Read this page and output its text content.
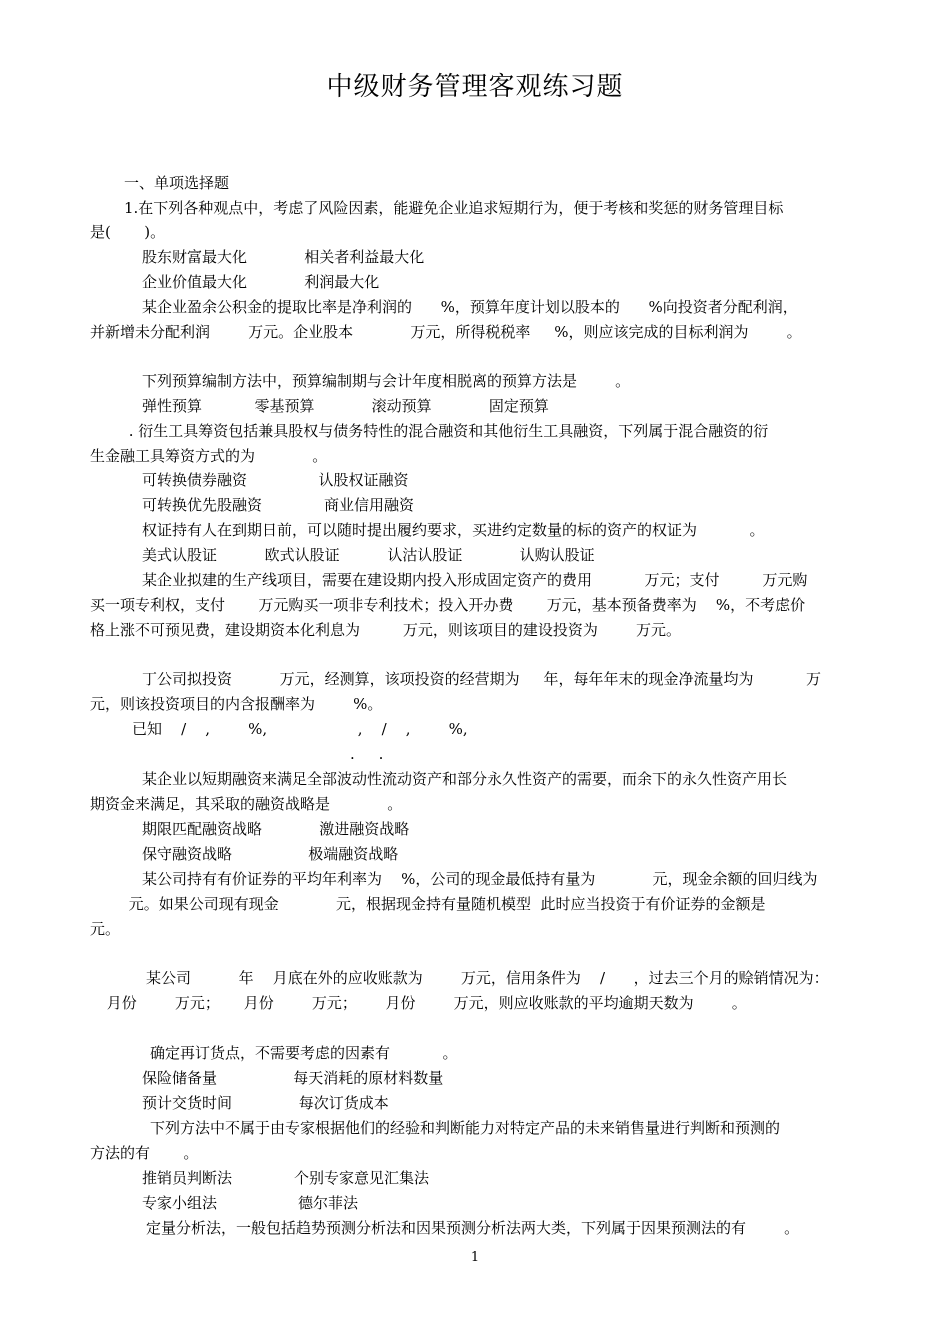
中级财务管理客观练习题
一、单项选择题
1.在下列各种观点中，考虑了风险因素，能避免企业追求短期行为，便于考核和奖惩的财务管理目标
是(       )。
股东财富最大化            相关者利益最大化
企业价值最大化            利润最大化
某企业盈余公积金的提取比率是净利润的      %，预算年度计划以股本的      %向投资者分配利润，
并新增未分配利润        万元。企业股本            万元，所得税税率     %，则应该完成的目标利润为        。
下列预算编制方法中，预算编制期与会计年度相脱离的预算方法是        。
弹性预算           零基预算            滚动预算            固定预算
. 衍生工具筹资包括兼具股权与债务特性的混合融资和其他衍生工具融资，下列属于混合融资的衍
生金融工具筹资方式的为            。
可转换债券融资               认股权证融资
可转换优先股融资             商业信用融资
权证持有人在到期日前，可以随时提出履约要求，买进约定数量的标的资产的权证为           。
美式认股证          欧式认股证          认沽认股证            认购认股证
某企业拟建的生产线项目，需要在建设期内投入形成固定资产的费用           万元；支付         万元购
买一项专利权，支付       万元购买一项非专利技术；投入开办费       万元，基本预备费率为    %，不考虑价
格上涨不可预见费，建设期资本化利息为         万元，则该项目的建设投资为        万元。
丁公司拟投资          万元，经测算，该项投资的经营期为     年，每年年末的现金净流量均为           万
元，则该投资项目的内含报酬率为        %。
已知    /    ,        %,                   ,    /    ,        %,
.     .
某企业以短期融资来满足全部波动性流动资产和部分永久性资产的需要，而余下的永久性资产用长
期资金来满足，其采取的融资战略是            。
期限匹配融资战略            激进融资战略
保守融资战略                极端融资战略
某公司持有有价证券的平均年利率为    %，公司的现金最低持有量为            元，现金余额的回归线为
元。如果公司现有现金            元，根据现金持有量随机模型  此时应当投资于有价证券的金额是
元。
某公司          年    月底在外的应收账款为        万元，信用条件为    /      ，过去三个月的赊销情况为：
月份        万元；     月份        万元；      月份        万元，则应收账款的平均逾期天数为        。
确定再订货点，不需要考虑的因素有           。
保险储备量                每天消耗的原材料数量
预计交货时间              每次订货成本
下列方法中不属于由专家根据他们的经验和判断能力对特定产品的未来销售量进行判断和预测的
方法的有       。
推销员判断法             个别专家意见汇集法
专家小组法                 德尔菲法
定量分析法，一般包括趋势预测分析法和因果预测分析法两大类，下列属于因果预测法的有        。
1
